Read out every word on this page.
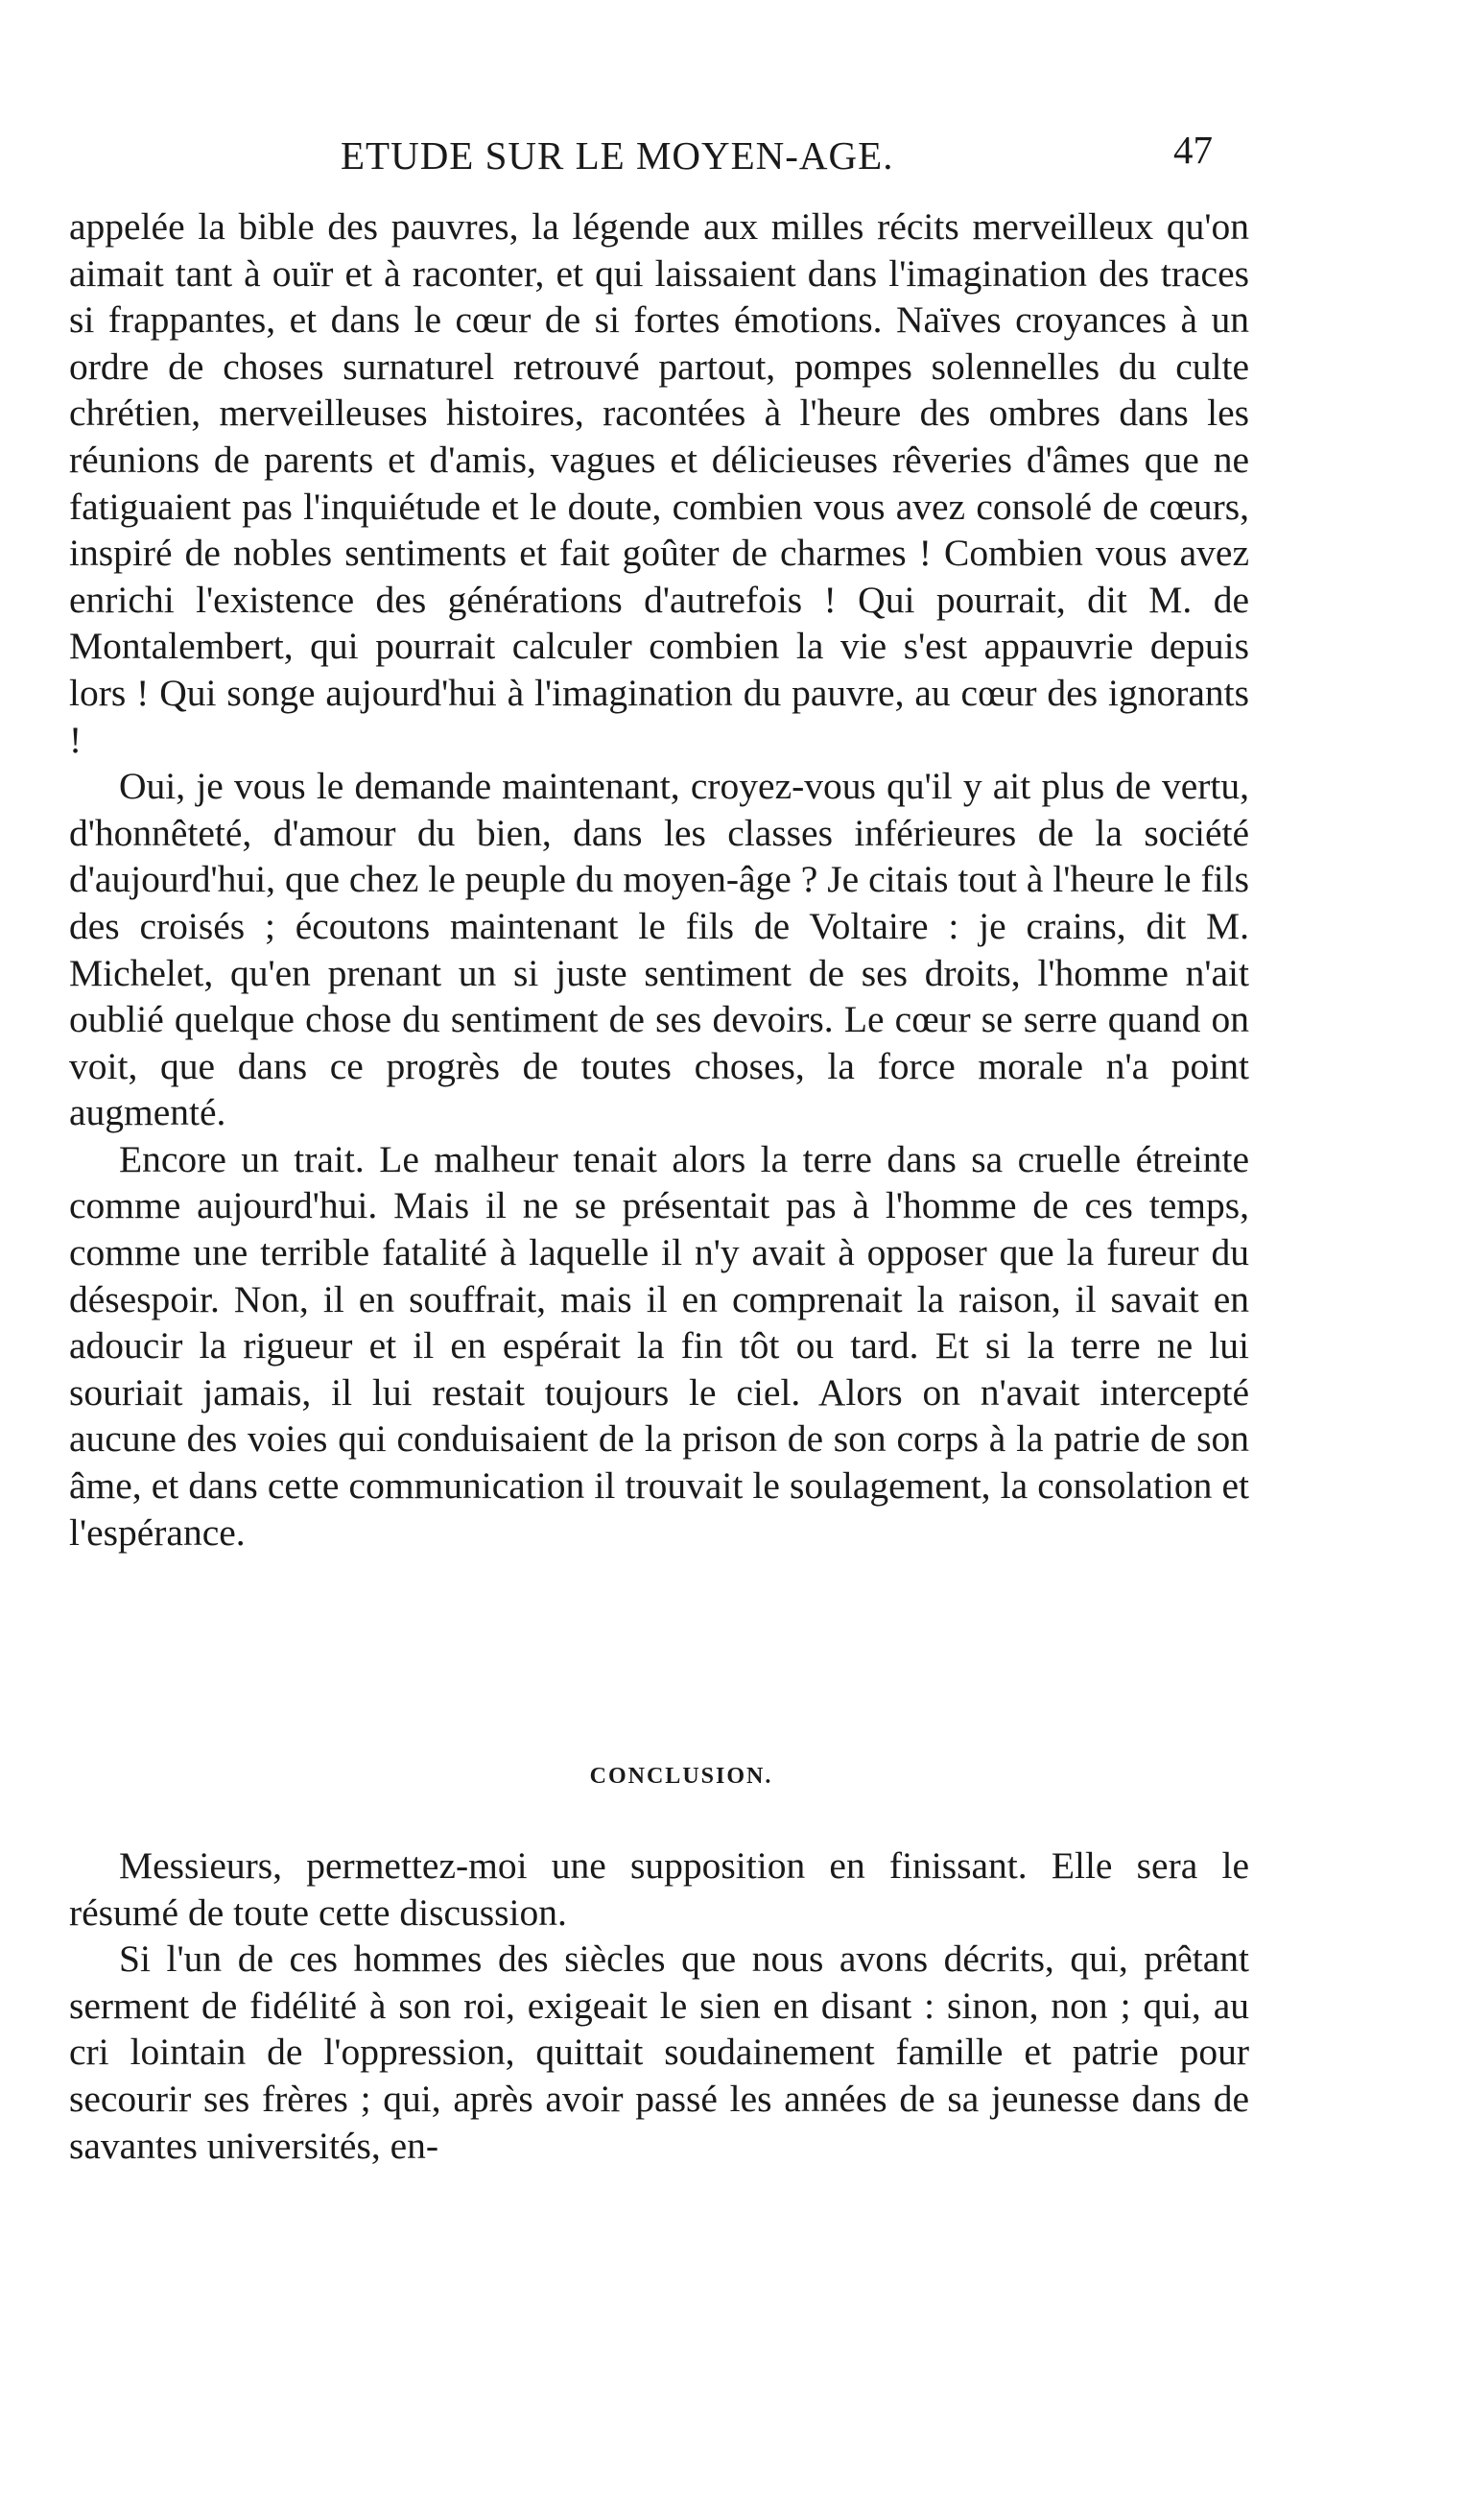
ETUDE SUR LE MOYEN-AGE.	47

appelée la bible des pauvres, la légende aux milles récits merveilleux qu'on aimait tant à ouïr et à raconter, et qui laissaient dans l'imagination des traces si frappantes, et dans le cœur de si fortes émotions. Naïves croyances à un ordre de choses surnaturel retrouvé partout, pompes solennelles du culte chrétien, merveilleuses histoires, racontées à l'heure des ombres dans les réunions de parents et d'amis, vagues et délicieuses rêveries d'âmes que ne fatiguaient pas l'inquiétude et le doute, combien vous avez consolé de cœurs, inspiré de nobles sentiments et fait goûter de charmes ! Combien vous avez enrichi l'existence des générations d'autrefois ! Qui pourrait, dit M. de Montalembert, qui pourrait calculer combien la vie s'est appauvrie depuis lors ! Qui songe aujourd'hui à l'imagination du pauvre, au cœur des ignorants !

Oui, je vous le demande maintenant, croyez-vous qu'il y ait plus de vertu, d'honnêteté, d'amour du bien, dans les classes inférieures de la société d'aujourd'hui, que chez le peuple du moyen-âge ? Je citais tout à l'heure le fils des croisés ; écoutons maintenant le fils de Voltaire : je crains, dit M. Michelet, qu'en prenant un si juste sentiment de ses droits, l'homme n'ait oublié quelque chose du sentiment de ses devoirs. Le cœur se serre quand on voit, que dans ce progrès de toutes choses, la force morale n'a point augmenté.

Encore un trait. Le malheur tenait alors la terre dans sa cruelle étreinte comme aujourd'hui. Mais il ne se présentait pas à l'homme de ces temps, comme une terrible fatalité à laquelle il n'y avait à opposer que la fureur du désespoir. Non, il en souffrait, mais il en comprenait la raison, il savait en adoucir la rigueur et il en espérait la fin tôt ou tard. Et si la terre ne lui souriait jamais, il lui restait toujours le ciel. Alors on n'avait intercepté aucune des voies qui conduisaient de la prison de son corps à la patrie de son âme, et dans cette communication il trouvait le soulagement, la consolation et l'espérance.

CONCLUSION.

Messieurs, permettez-moi une supposition en finissant. Elle sera le résumé de toute cette discussion.

Si l'un de ces hommes des siècles que nous avons décrits, qui, prêtant serment de fidélité à son roi, exigeait le sien en disant : sinon, non ; qui, au cri lointain de l'oppression, quittait soudainement famille et patrie pour secourir ses frères ; qui, après avoir passé les années de sa jeunesse dans de savantes universités, en-
